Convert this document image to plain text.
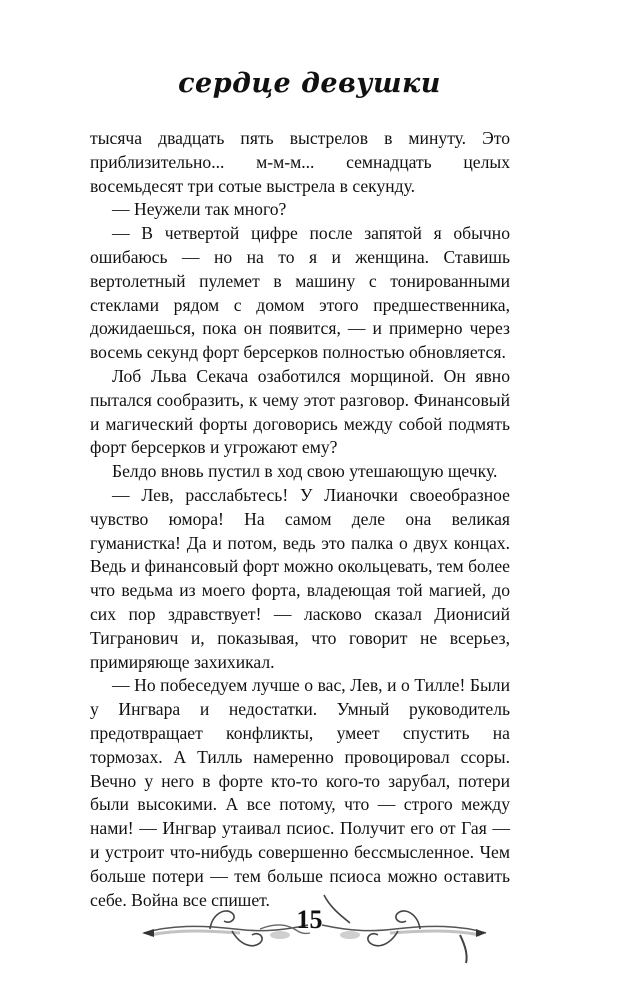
сердце девушки

тысяча двадцать пять выстрелов в минуту. Это приблизительно... м-м-м... семнадцать целых восемьдесят три сотые выстрела в секунду.

— Неужели так много?

— В четвертой цифре после запятой я обычно ошибаюсь — но на то я и женщина. Ставишь вертолетный пулемет в машину с тонированными стеклами рядом с домом этого предшественника, дожидаешься, пока он появится, — и примерно через восемь секунд форт берсерков полностью обновляется.

Лоб Льва Секача озаботился морщиной. Он явно пытался сообразить, к чему этот разговор. Финансовый и магический форты договорись между собой подмять форт берсерков и угрожают ему?

Белдо вновь пустил в ход свою утешающую щечку.

— Лев, расслабьтесь! У Лианочки своеобразное чувство юмора! На самом деле она великая гуманистка! Да и потом, ведь это палка о двух концах. Ведь и финансовый форт можно окольцевать, тем более что ведьма из моего форта, владеющая той магией, до сих пор здравствует! — ласково сказал Дионисий Тигранович и, показывая, что говорит не всерьез, примиряюще захихикал.

— Но побеседуем лучше о вас, Лев, и о Тилле! Были у Ингвара и недостатки. Умный руководитель предотвращает конфликты, умеет спустить на тормозах. А Тилль намеренно провоцировал ссоры. Вечно у него в форте кто-то кого-то зарубал, потери были высокими. А все потому, что — строго между нами! — Ингвар утаивал псиос. Получит его от Гая — и устроит что-нибудь совершенно бессмысленное. Чем больше потери — тем больше псиоса можно оставить себе. Война все спишет.

15
